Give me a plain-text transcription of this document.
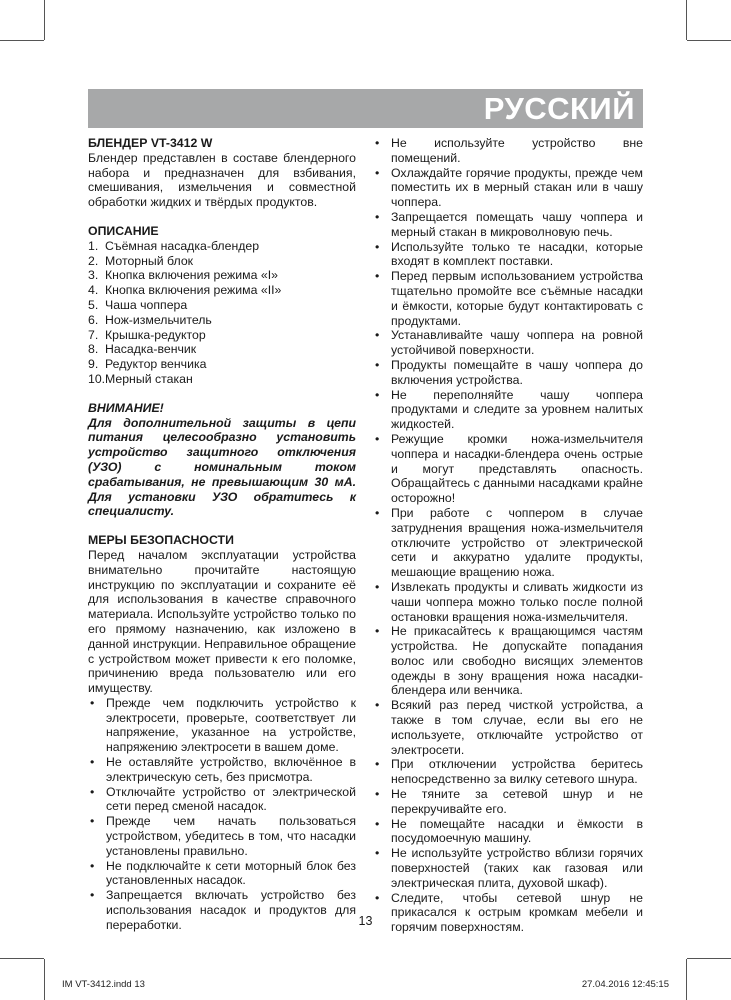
РУССКИЙ

БЛЕНДЕР VT-3412 W

Блендер представлен в составе блендерного набора и предназначен для взбивания, смешивания, измельчения и совместной обработки жидких и твёрдых продуктов.

ОПИСАНИЕ

1. Съёмная насадка-блендер
2. Моторный блок
3. Кнопка включения режима «I»
4. Кнопка включения режима «II»
5. Чаша чоппера
6. Нож-измельчитель
7. Крышка-редуктор
8. Насадка-венчик
9. Редуктор венчика
10. Мерный стакан

ВНИМАНИЕ!

Для дополнительной защиты в цепи питания целесообразно установить устройство защитного отключения (УЗО) с номинальным током срабатывания, не превышающим 30 мА. Для установки УЗО обратитесь к специалисту.

МЕРЫ БЕЗОПАСНОСТИ

Перед началом эксплуатации устройства внимательно прочитайте настоящую инструкцию по эксплуатации и сохраните её для использования в качестве справочного материала. Используйте устройство только по его прямому назначению, как изложено в данной инструкции. Неправильное обращение с устройством может привести к его поломке, причинению вреда пользователю или его имуществу.

• Прежде чем подключить устройство к электросети, проверьте, соответствует ли напряжение, указанное на устройстве, напряжению электросети в вашем доме.
• Не оставляйте устройство, включённое в электрическую сеть, без присмотра.
• Отключайте устройство от электрической сети перед сменой насадок.
• Прежде чем начать пользоваться устройством, убедитесь в том, что насадки установлены правильно.
• Не подключайте к сети моторный блок без установленных насадок.
• Запрещается включать устройство без использования насадок и продуктов для переработки.
• Не используйте устройство вне помещений.
• Охлаждайте горячие продукты, прежде чем поместить их в мерный стакан или в чашу чоппера.
• Запрещается помещать чашу чоппера и мерный стакан в микроволновую печь.
• Используйте только те насадки, которые входят в комплект поставки.
• Перед первым использованием устройства тщательно промойте все съёмные насадки и ёмкости, которые будут контактировать с продуктами.
• Устанавливайте чашу чоппера на ровной устойчивой поверхности.
• Продукты помещайте в чашу чоппера до включения устройства.
• Не переполняйте чашу чоппера продуктами и следите за уровнем налитых жидкостей.
• Режущие кромки ножа-измельчителя чоппера и насадки-блендера очень острые и могут представлять опасность. Обращайтесь с данными насадками крайне осторожно!
• При работе с чоппером в случае затруднения вращения ножа-измельчителя отключите устройство от электрической сети и аккуратно удалите продукты, мешающие вращению ножа.
• Извлекать продукты и сливать жидкости из чаши чоппера можно только после полной остановки вращения ножа-измельчителя.
• Не прикасайтесь к вращающимся частям устройства. Не допускайте попадания волос или свободно висящих элементов одежды в зону вращения ножа насадки-блендера или венчика.
• Всякий раз перед чисткой устройства, а также в том случае, если вы его не используете, отключайте устройство от электросети.
• При отключении устройства беритесь непосредственно за вилку сетевого шнура.
• Не тяните за сетевой шнур и не перекручивайте его.
• Не помещайте насадки и ёмкости в посудомоечную машину.
• Не используйте устройство вблизи горячих поверхностей (таких как газовая или электрическая плита, духовой шкаф).
• Следите, чтобы сетевой шнур не прикасался к острым кромкам мебели и горячим поверхностям.
13
IM VT-3412.indd 13	27.04.2016 12:45:15
